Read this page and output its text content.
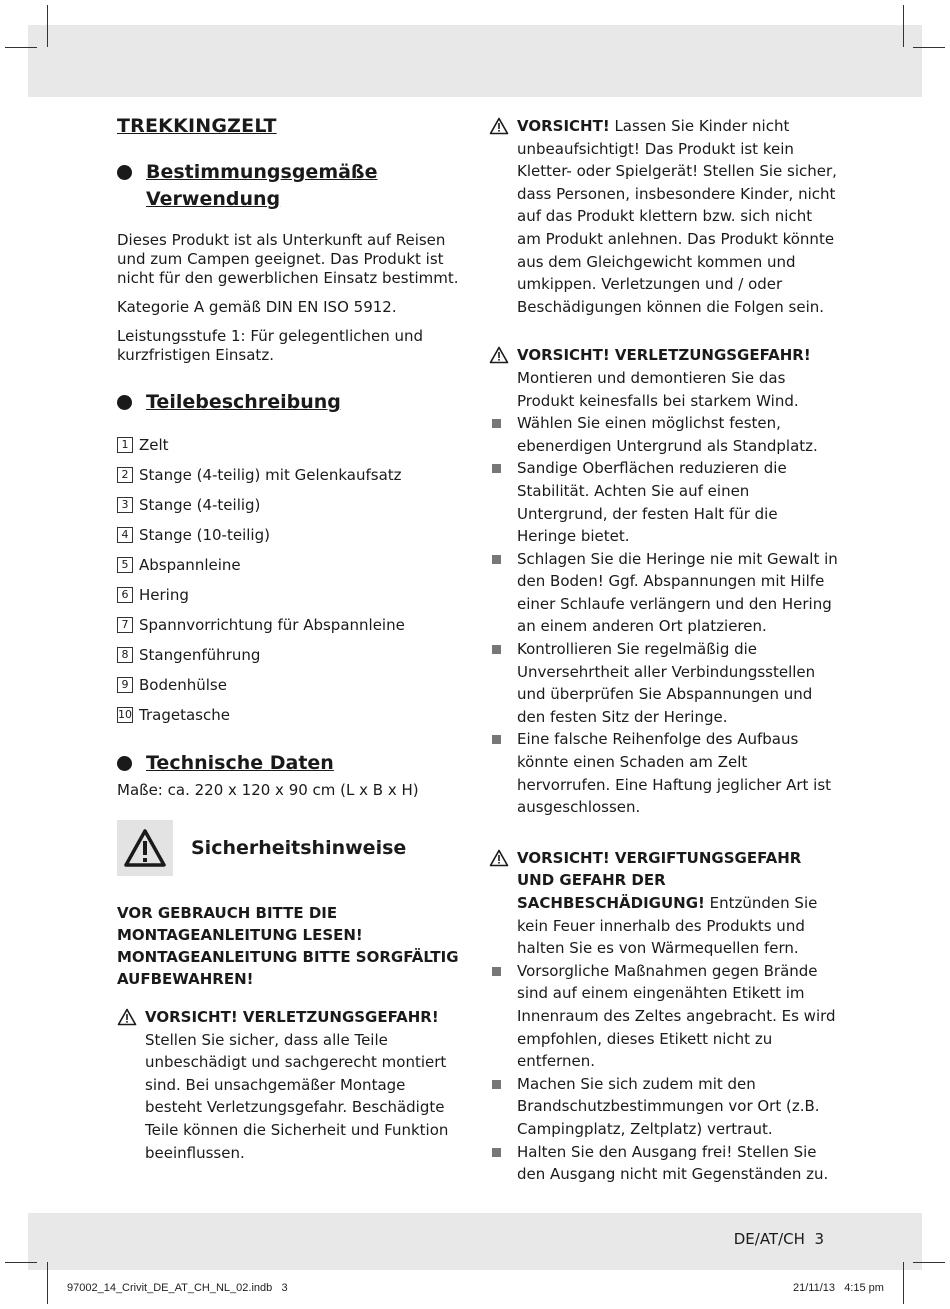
TREKKINGZELT
Bestimmungsgemäße
Verwendung

Dieses Produkt ist als Unterkunft auf Reisen und zum Campen geeignet. Das Produkt ist nicht für den gewerblichen Einsatz bestimmt.

Kategorie A gemäß DIN EN ISO 5912.

Leistungsstufe 1: Für gelegentlichen und kurzfristigen Einsatz.

Teilebeschreibung
1 Zelt
2 Stange (4-teilig) mit Gelenkaufsatz
3 Stange (4-teilig)
4 Stange (10-teilig)
5 Abspannleine
6 Hering
7 Spannvorrichtung für Abspannleine
8 Stangenführung
9 Bodenhülse
10 Tragetasche
Technische Daten

Maße: ca. 220 x 120 x 90 cm (L x B x H)

Sicherheitshinweise
VOR GEBRAUCH BITTE DIE MONTAGEANLEITUNG LESEN! MONTAGEANLEITUNG BITTE SORGFÄLTIG AUFBEWAHREN!
VORSICHT! VERLETZUNGSGEFAHR!
Stellen Sie sicher, dass alle Teile unbeschädigt und sachgerecht montiert sind. Bei unsachgemäßer Montage besteht Verletzungsgefahr. Beschädigte Teile können die Sicherheit und Funktion beeinflussen.
VORSICHT! Lassen Sie Kinder nicht unbeaufsichtigt! Das Produkt ist kein Kletter- oder Spielgerät! Stellen Sie sicher, dass Personen, insbesondere Kinder, nicht auf das Produkt klettern bzw. sich nicht am Produkt anlehnen. Das Produkt könnte aus dem Gleichgewicht kommen und umkippen. Verletzungen und / oder Beschädigungen können die Folgen sein.
VORSICHT! VERLETZUNGSGEFAHR!
Montieren und demontieren Sie das Produkt keinesfalls bei starkem Wind.
Wählen Sie einen möglichst festen, ebenerdigen Untergrund als Standplatz.
Sandige Oberflächen reduzieren die Stabilität. Achten Sie auf einen Untergrund, der festen Halt für die Heringe bietet.
Schlagen Sie die Heringe nie mit Gewalt in den Boden! Ggf. Abspannungen mit Hilfe einer Schlaufe verlängern und den Hering an einem anderen Ort platzieren.
Kontrollieren Sie regelmäßig die Unversehrtheit aller Verbindungsstellen und überprüfen Sie Abspannungen und den festen Sitz der Heringe.
Eine falsche Reihenfolge des Aufbaus könnte einen Schaden am Zelt hervorrufen. Eine Haftung jeglicher Art ist ausgeschlossen.
VORSICHT! VERGIFTUNGSGEFAHR UND GEFAHR DER SACHBESCHÄDIGUNG! Entzünden Sie kein Feuer innerhalb des Produkts und halten Sie es von Wärmequellen fern.
Vorsorgliche Maßnahmen gegen Brände sind auf einem eingenähten Etikett im Innenraum des Zeltes angebracht. Es wird empfohlen, dieses Etikett nicht zu entfernen.
Machen Sie sich zudem mit den Brandschutzbestimmungen vor Ort (z.B. Campingplatz, Zeltplatz) vertraut.
Halten Sie den Ausgang frei! Stellen Sie den Ausgang nicht mit Gegenständen zu.
DE/AT/CH 3
97002_14_Crivit_DE_AT_CH_NL_02.indb 3	21/11/13 4:15 pm
